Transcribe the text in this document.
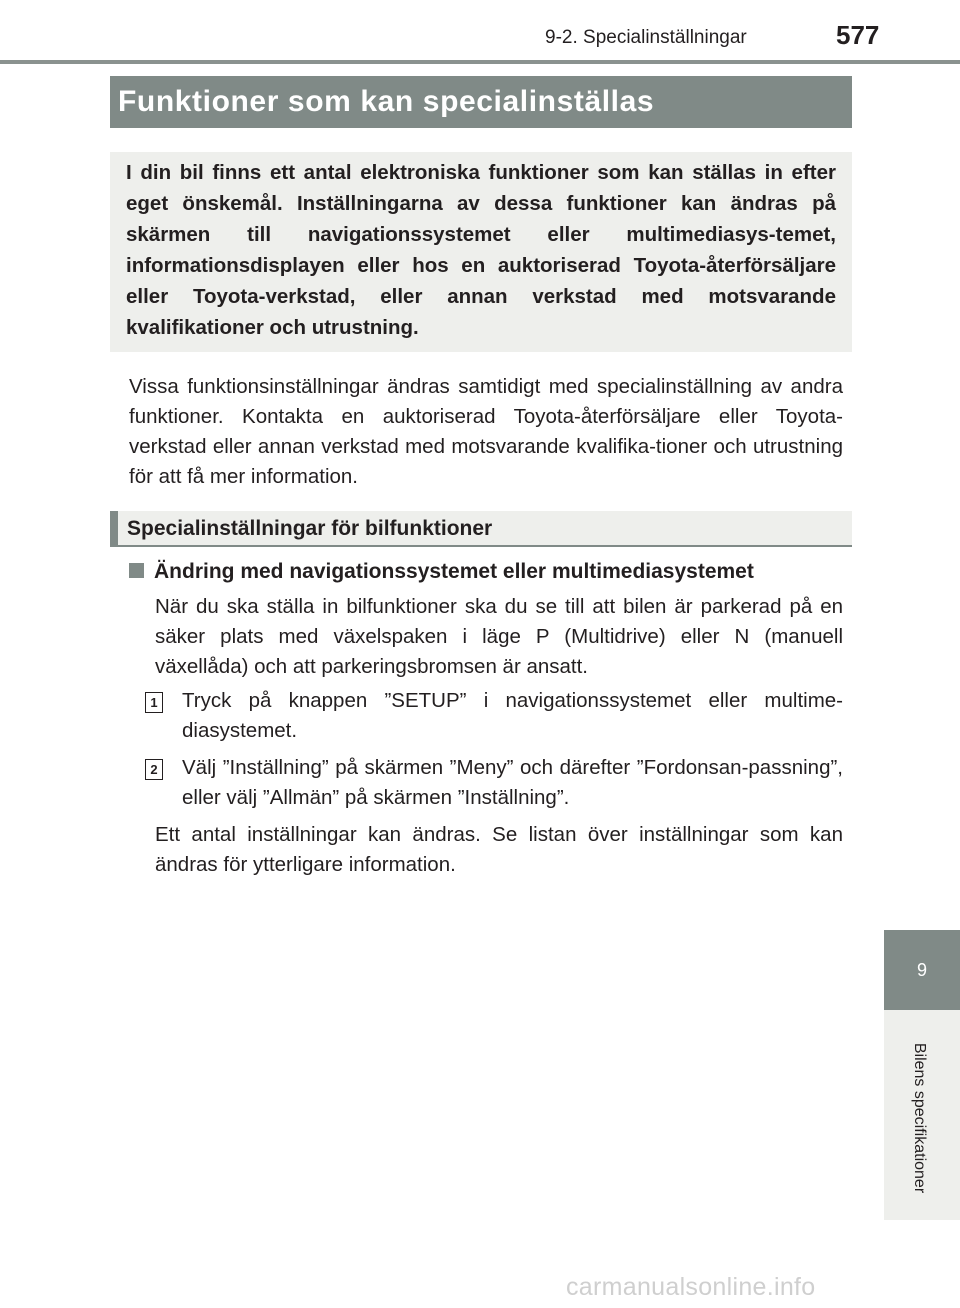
9-2. Specialinställningar	577
Funktioner som kan specialinställas

I din bil finns ett antal elektroniska funktioner som kan ställas in efter eget önskemål. Inställningarna av dessa funktioner kan ändras på skärmen till navigationssystemet eller multimediasys-temet, informationsdisplayen eller hos en auktoriserad Toyota-återförsäljare eller Toyota-verkstad, eller annan verkstad med motsvarande kvalifikationer och utrustning.

Vissa funktionsinställningar ändras samtidigt med specialinställning av andra funktioner. Kontakta en auktoriserad Toyota-återförsäljare eller Toyota-verkstad eller annan verkstad med motsvarande kvalifika-tioner och utrustning för att få mer information.

Specialinställningar för bilfunktioner
Ändring med navigationssystemet eller multimediasystemet

När du ska ställa in bilfunktioner ska du se till att bilen är parkerad på en säker plats med växelspaken i läge P (Multidrive) eller N (manuell växellåda) och att parkeringsbromsen är ansatt.

1 Tryck på knappen ”SETUP” i navigationssystemet eller multime-diasystemet.

2 Välj ”Inställning” på skärmen ”Meny” och därefter ”Fordonsan-passning”, eller välj ”Allmän” på skärmen ”Inställning”.

Ett antal inställningar kan ändras. Se listan över inställningar som kan ändras för ytterligare information.

9
Bilens specifikationer
carmanualsonline.info
